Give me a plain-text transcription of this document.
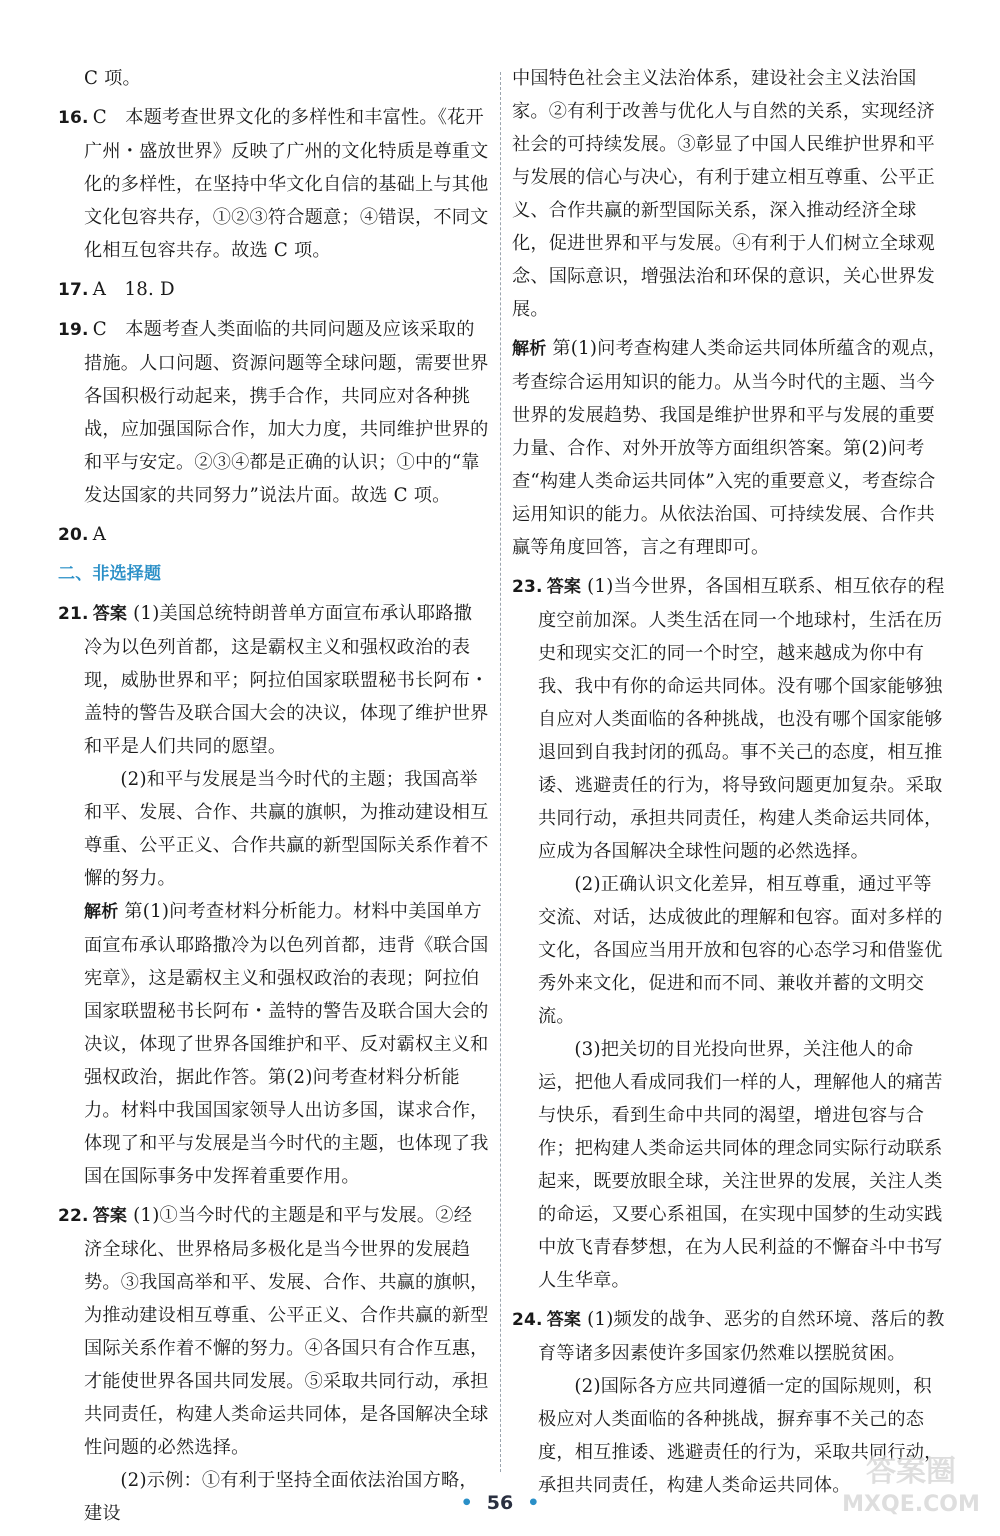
C 项。

16. C　本题考查世界文化的多样性和丰富性。《花开广州・盛放世界》反映了广州的文化特质是尊重文化的多样性，在坚持中华文化自信的基础上与其他文化包容共存，①②③符合题意；④错误，不同文化相互包容共存。故选 C 项。

17. A　18. D

19. C　本题考查人类面临的共同问题及应该采取的措施。人口问题、资源问题等全球问题，需要世界各国积极行动起来，携手合作，共同应对各种挑战，应加强国际合作，加大力度，共同维护世界的和平与安定。②③④都是正确的认识；①中的“靠发达国家的共同努力”说法片面。故选 C 项。

20. A

二、非选择题

21. 答案 (1)美国总统特朗普单方面宣布承认耶路撒冷为以色列首都，这是霸权主义和强权政治的表现，威胁世界和平；阿拉伯国家联盟秘书长阿布・盖特的警告及联合国大会的决议，体现了维护世界和平是人们共同的愿望。

(2)和平与发展是当今时代的主题；我国高举和平、发展、合作、共赢的旗帜，为推动建设相互尊重、公平正义、合作共赢的新型国际关系作着不懈的努力。

解析 第(1)问考查材料分析能力。材料中美国单方面宣布承认耶路撒冷为以色列首都，违背《联合国宪章》，这是霸权主义和强权政治的表现；阿拉伯国家联盟秘书长阿布・盖特的警告及联合国大会的决议，体现了世界各国维护和平、反对霸权主义和强权政治，据此作答。第(2)问考查材料分析能力。材料中我国国家领导人出访多国，谋求合作，体现了和平与发展是当今时代的主题，也体现了我国在国际事务中发挥着重要作用。

22. 答案 (1)①当今时代的主题是和平与发展。②经济全球化、世界格局多极化是当今世界的发展趋势。③我国高举和平、发展、合作、共赢的旗帜，为推动建设相互尊重、公平正义、合作共赢的新型国际关系作着不懈的努力。④各国只有合作互惠，才能使世界各国共同发展。⑤采取共同行动，承担共同责任，构建人类命运共同体，是各国解决全球性问题的必然选择。

(2)示例：①有利于坚持全面依法治国方略，建设

中国特色社会主义法治体系，建设社会主义法治国家。②有利于改善与优化人与自然的关系，实现经济社会的可持续发展。③彰显了中国人民维护世界和平与发展的信心与决心，有利于建立相互尊重、公平正义、合作共赢的新型国际关系，深入推动经济全球化，促进世界和平与发展。④有利于人们树立全球观念、国际意识，增强法治和环保的意识，关心世界发展。

解析 第(1)问考查构建人类命运共同体所蕴含的观点，考查综合运用知识的能力。从当今时代的主题、当今世界的发展趋势、我国是维护世界和平与发展的重要力量、合作、对外开放等方面组织答案。第(2)问考查“构建人类命运共同体”入宪的重要意义，考查综合运用知识的能力。从依法治国、可持续发展、合作共赢等角度回答，言之有理即可。

23. 答案 (1)当今世界，各国相互联系、相互依存的程度空前加深。人类生活在同一个地球村，生活在历史和现实交汇的同一个时空，越来越成为你中有我、我中有你的命运共同体。没有哪个国家能够独自应对人类面临的各种挑战，也没有哪个国家能够退回到自我封闭的孤岛。事不关己的态度，相互推诿、逃避责任的行为，将导致问题更加复杂。采取共同行动，承担共同责任，构建人类命运共同体，应成为各国解决全球性问题的必然选择。

(2)正确认识文化差异，相互尊重，通过平等交流、对话，达成彼此的理解和包容。面对多样的文化，各国应当用开放和包容的心态学习和借鉴优秀外来文化，促进和而不同、兼收并蓄的文明交流。

(3)把关切的目光投向世界，关注他人的命运，把他人看成同我们一样的人，理解他人的痛苦与快乐，看到生命中共同的渴望，增进包容与合作；把构建人类命运共同体的理念同实际行动联系起来，既要放眼全球，关注世界的发展，关注人类的命运，又要心系祖国，在实现中国梦的生动实践中放飞青春梦想，在为人民利益的不懈奋斗中书写人生华章。

24. 答案 (1)频发的战争、恶劣的自然环境、落后的教育等诸多因素使许多国家仍然难以摆脱贫困。

(2)国际各方应共同遵循一定的国际规则，积极应对人类面临的各种挑战，摒弃事不关己的态度，相互推诿、逃避责任的行为，采取共同行动，承担共同责任，构建人类命运共同体。

• 56 •
答案圈
MXQE.COM
